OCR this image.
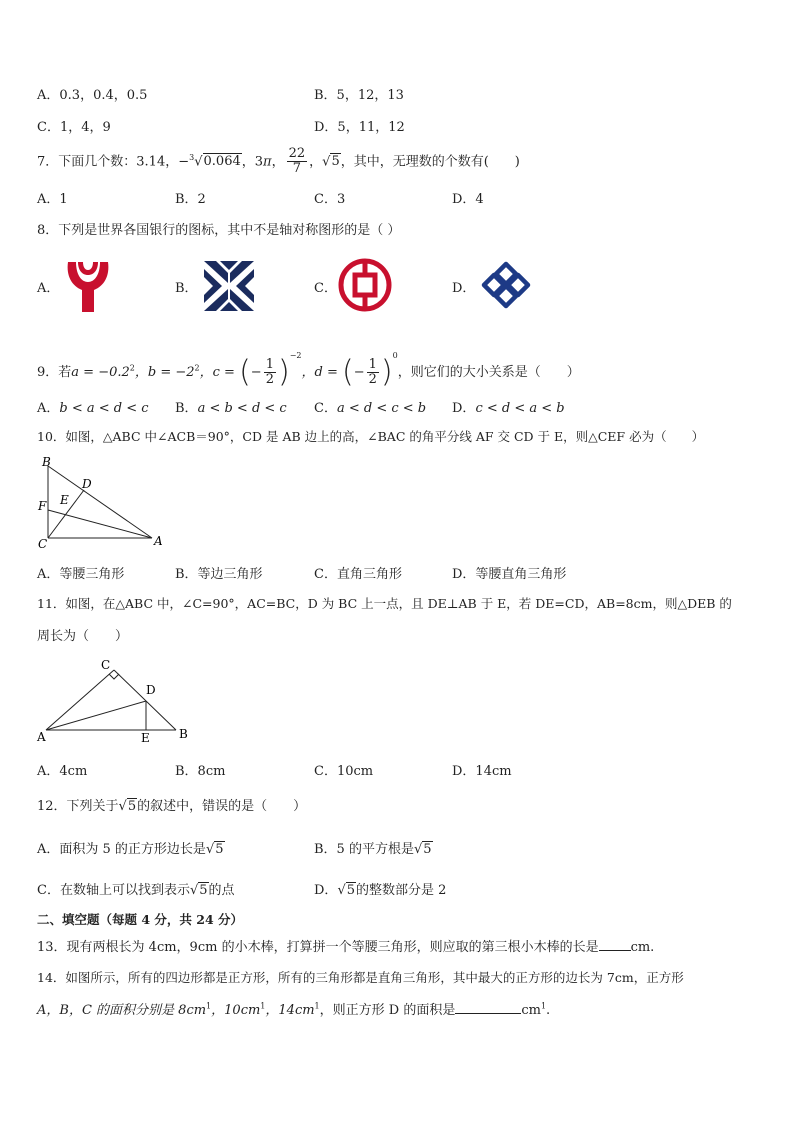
A．0.3，0.4，0.5	B．5，12，13
C．1，4，9	D．5，11，12
7．下面几个数：3.14，−$^3$√0.064，3π， $\frac{22}{7}$ ，√5，其中，无理数的个数有(　　)
A．1	B．2	C．3	D．4
8．下列是世界各国银行的图标，其中不是轴对称图形的是（ ）
A．	B．	C．	D．
9．若$a = -0.2^2$，$b = -2^2$，c = (− $\frac{1}{2} )^{-2}$，d = (− $\frac{1}{2} )^0$，则它们的大小关系是（　　）
A．b < a < d < c B．a < b < d < c C．a < d < c < b D．c < d < a < b
10．如图，△ABC 中∠ACB＝90°，CD 是 AB 边上的高，∠BAC 的角平分线 AF 交 CD 于 E，则△CEF 必为（　　）
B
D
F E
C	A
A．等腰三角形	B．等边三角形	C．直角三角形	D．等腰直角三角形
11．如图，在△ABC 中，∠C=90°，AC=BC，D 为 BC 上一点，且 DE⊥AB 于 E，若 DE=CD，AB=8cm，则△DEB 的
周长为（　　）
C
D
A	E B
A．4cm	B．8cm	C．10cm	D．14cm
12．下列关于√5的叙述中，错误的是（　　）
A．面积为 5 的正方形边长是√5	B．5 的平方根是√5
C．在数轴上可以找到表示√5的点	D．√5的整数部分是 2
二、填空题（每题 4 分，共 24 分）
13．现有两根长为 4cm，9cm 的小木棒，打算拼一个等腰三角形，则应取的第三根小木棒的长是 cm.
14．如图所示，所有的四边形都是正方形，所有的三角形都是直角三角形，其中最大的正方形的边长为 7cm，正方形
A，B，C 的面积分别是 $8cm^1$，$10cm^1$，$14cm^1$，则正方形 D 的面积是	$cm^1$.
